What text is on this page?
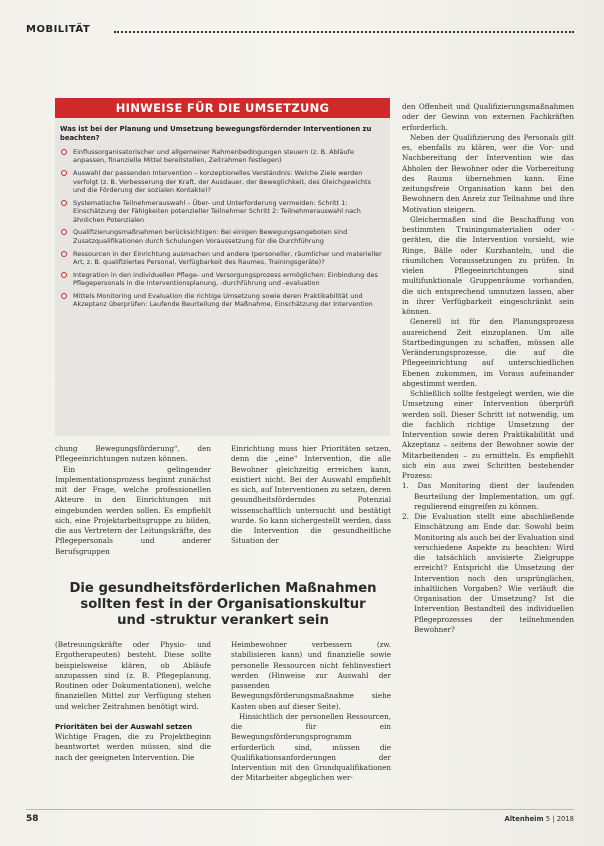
MOBILITÄT
HINWEISE FÜR DIE UMSETZUNG
Was ist bei der Planung und Umsetzung bewegungsfördernder Interventionen zu beachten?
Einflussorganisatorischer und allgemeiner Rahmenbedingungen steuern (z. B. Abläufe anpassen, finanzielle Mittel bereitstellen, Zeitrahmen festlegen)
Auswahl der passenden Intervention – konzeptionelles Verständnis: Welche Ziele werden verfolgt (z. B. Verbesserung der Kraft, der Ausdauer, der Beweglichkeit, des Gleichgewichts und die Förderung der sozialen Kontakte)?
Systematische Teilnehmerauswahl – Über- und Unterforderung vermeiden: Schritt 1: Einschätzung der Fähigkeiten potenzieller Teilnehmer Schritt 2: Teilnehmerauswahl nach ähnlichen Potenzialen
Qualifizierungsmaßnahmen berücksichtigen: Bei einigen Bewegungsangeboten sind Zusatzqualifikationen durch Schulungen Voraussetzung für die Durchführung
Ressourcen in der Einrichtung ausmachen und andere (personeller, räumlicher und materieller Art, z. B. qualifiziertes Personal, Verfügbarkeit des Raumes, Trainingsgeräte)?
Integration in den individuellen Pflege- und Versorgungsprozess ermöglichen: Einbindung des Pflegepersonals in die Interventionsplanung, -durchführung und -evaluation
Mittels Monitoring und Evaluation die richtige Umsetzung sowie deren Praktikabilität und Akzeptanz überprüfen: Laufende Beurteilung der Maßnahme, Einschätzung der Intervention

chung Bewegungsförderung", den Pflegeeinrichtungen nutzen können.

Ein gelingender Implementationsprozess beginnt zunächst mit der Frage, welche professionellen Akteure in den Einrichtungen mit eingebunden werden sollen. Es empfiehlt sich, eine Projektarbeitsgruppe zu bilden, die aus Vertretern der Leitungskräfte, des Pflegepersonals und anderer Berufsgruppen

Einrichtung muss hier Prioritäten setzen, denn die „eine" Intervention, die alle Bewohner gleichzeitig erreichen kann, existiert nicht. Bei der Auswahl empfiehlt es sich, auf Interventionen zu setzen, deren gesundheitsförderndes Potenzial wissenschaftlich untersucht und bestätigt wurde. So kann sichergestellt werden, dass die Intervention die gesundheitliche Situation der

Die gesundheitsförderlichen Maßnahmen
sollten fest in der Organisationskultur
und -struktur verankert sein

(Betreuungskräfte oder Physio- und Ergotherapeuten) besteht. Diese sollte beispielsweise klären, ob Abläufe anzupassen sind (z. B. Pflegeplanung, Routinen oder Dokumentationen), welche finanziellen Mittel zur Verfügung stehen und welcher Zeitrahmen benötigt wird.

Prioritäten bei der Auswahl setzen

Wichtige Fragen, die zu Projektbeginn beantwortet werden müssen, sind die nach der geeigneten Intervention. Die

Heimbewohner verbessern (zw. stabilisieren kann) und finanzielle sowie personelle Ressourcen nicht fehlinvestiert werden (Hinweise zur Auswahl der passenden Bewegungsförderungsmaßnahme siehe Kasten oben auf dieser Seite).

Hinsichtlich der personellen Ressourcen, die für ein Bewegungsförderungsprogramm erforderlich sind, müssen die Qualifikationsanforderungen der Intervention mit den Grundqualifikationen der Mitarbeiter abgeglichen wer-

den Offenheit und Qualifizierungsmaßnahmen oder der Gewinn von externen Fachkräften erforderlich.

Neben der Qualifizierung des Personals gilt es, ebenfalls zu klären, wer die Vor- und Nachbereitung der Intervention wie das Abholen der Bewohner oder die Vorbereitung des Raums übernehmen kann. Eine zeitungsfreie Organisation kann bei den Bewohnern den Anreiz zur Teilnahme und ihre Motivation steigern.

Gleichermaßen sind die Beschaffung von bestimmten Trainingsmaterialien oder -geräten, die die Intervention vorsieht, wie Ringe, Bälle oder Kurzhanteln, und die räumlichen Voraussetzungen zu prüfen. In vielen Pflegeeinrichtungen sind multifunktionale Gruppenräume vorhanden, die sich entsprechend umnutzen lassen, aber in ihrer Verfügbarkeit eingeschränkt sein können.

Generell ist für den Planungsprozess ausreichend Zeit einzuplanen. Um alle Startbedingungen zu schaffen, müssen alle Veränderungsprozesse, die auf die Pflegeeinrichtung auf unterschiedlichen Ebenen zukommen, im Voraus aufeinander abgestimmt werden.

Schließlich sollte festgelegt werden, wie die Umsetzung einer Intervention überprüft werden soll. Dieser Schritt ist notwendig, um die fachlich richtige Umsetzung der Intervention sowie deren Praktikabilität und Akzeptanz – seitens der Bewohner sowie der Mitarbeitenden – zu ermitteln. Es empfiehlt sich ein aus zwei Schritten bestehender Prozess:

1. Das Monitoring dient der laufenden Beurteilung der Implementation, um ggf. regulierend eingreifen zu können.

2. Die Evaluation stellt eine abschließende Einschätzung am Ende dar. Sowohl beim Monitoring als auch bei der Evaluation sind verschiedene Aspekte zu beachten: Wird die tatsächlich anvisierte Zielgruppe erreicht? Entspricht die Umsetzung der Intervention noch den ursprünglichen, inhaltlichen Vorgaben? Wie verläuft die Organisation der Umsetzung? Ist die Intervention Bestandteil des individuellen Pflegeprozesses der teilnehmenden Bewohner?

58	Altenheim 5 | 2018
